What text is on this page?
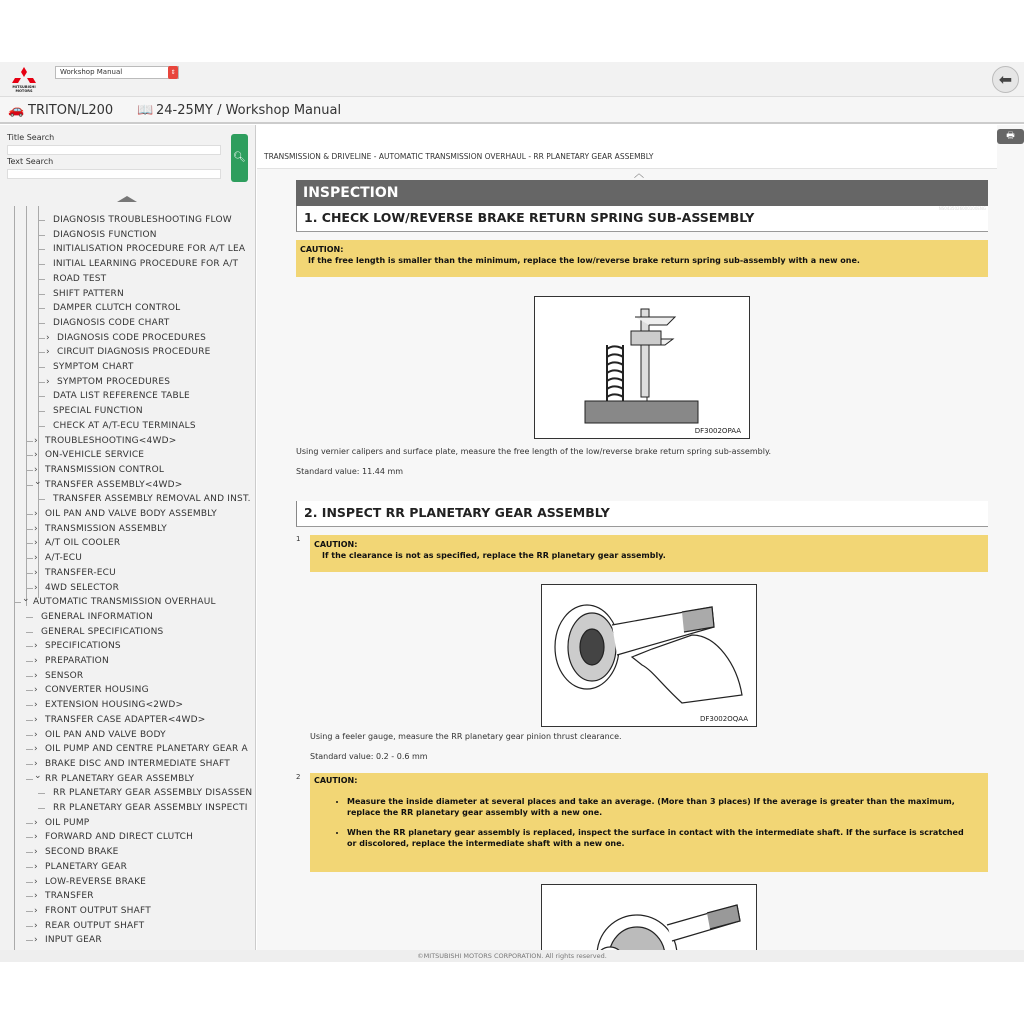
MITSUBISHI
MOTORS
Workshop Manual	⇕	⬅
🚗 TRITON/L200 📖 24-25MY / Workshop Manual
Title Search
Text Search	🔍︎
DIAGNOSIS TROUBLESHOOTING FLOW
DIAGNOSIS FUNCTION
INITIALISATION PROCEDURE FOR A/T LEA
INITIAL LEARNING PROCEDURE FOR A/T
ROAD TEST
SHIFT PATTERN
DAMPER CLUTCH CONTROL
DIAGNOSIS CODE CHART
› DIAGNOSIS CODE PROCEDURES
› CIRCUIT DIAGNOSIS PROCEDURE
SYMPTOM CHART
› SYMPTOM PROCEDURES
DATA LIST REFERENCE TABLE
SPECIAL FUNCTION
CHECK AT A/T-ECU TERMINALS
› TROUBLESHOOTING<4WD>
› ON-VEHICLE SERVICE
› TRANSMISSION CONTROL
⌄ TRANSFER ASSEMBLY<4WD>
TRANSFER ASSEMBLY REMOVAL AND INST.
› OIL PAN AND VALVE BODY ASSEMBLY
› TRANSMISSION ASSEMBLY
› A/T OIL COOLER
› A/T-ECU
› TRANSFER-ECU
› 4WD SELECTOR
⌄ AUTOMATIC TRANSMISSION OVERHAUL
GENERAL INFORMATION
GENERAL SPECIFICATIONS
› SPECIFICATIONS
› PREPARATION
› SENSOR
› CONVERTER HOUSING
› EXTENSION HOUSING<2WD>
› TRANSFER CASE ADAPTER<4WD>
› OIL PAN AND VALVE BODY
› OIL PUMP AND CENTRE PLANETARY GEAR A
› BRAKE DISC AND INTERMEDIATE SHAFT
⌄ RR PLANETARY GEAR ASSEMBLY
RR PLANETARY GEAR ASSEMBLY DISASSEN
RR PLANETARY GEAR ASSEMBLY INSPECTI
› OIL PUMP
› FORWARD AND DIRECT CLUTCH
› SECOND BRAKE
› PLANETARY GEAR
› LOW-REVERSE BRAKE
› TRANSFER
› FRONT OUTPUT SHAFT
› REAR OUTPUT SHAFT
› INPUT GEAR
🖶
TRANSMISSION & DRIVELINE - AUTOMATIC TRANSMISSION OVERHAUL - RR PLANETARY GEAR ASSEMBLY
︿
INSPECTION
NS0435026000100ENG
1. CHECK LOW/REVERSE BRAKE RETURN SPRING SUB-ASSEMBLY
CAUTION:
If the free length is smaller than the minimum, replace the low/reverse brake return spring sub-assembly with a new one.
DF3002OPAA
Using vernier calipers and surface plate, measure the free length of the low/reverse brake return spring sub-assembly.
Standard value: 11.44 mm
2. INSPECT RR PLANETARY GEAR ASSEMBLY
1
CAUTION:
If the clearance is not as specified, replace the RR planetary gear assembly.
DF3002OQAA
Using a feeler gauge, measure the RR planetary gear pinion thrust clearance.
Standard value: 0.2 - 0.6 mm
2 CAUTION:
• Measure the inside diameter at several places and take an average. (More than 3 places) If the average is greater than the maximum, replace the RR planetary gear assembly with a new one.
• When the RR planetary gear assembly is replaced, inspect the surface in contact with the intermediate shaft. If the surface is scratched or discolored, replace the intermediate shaft with a new one.
©MITSUBISHI MOTORS CORPORATION. All rights reserved.
